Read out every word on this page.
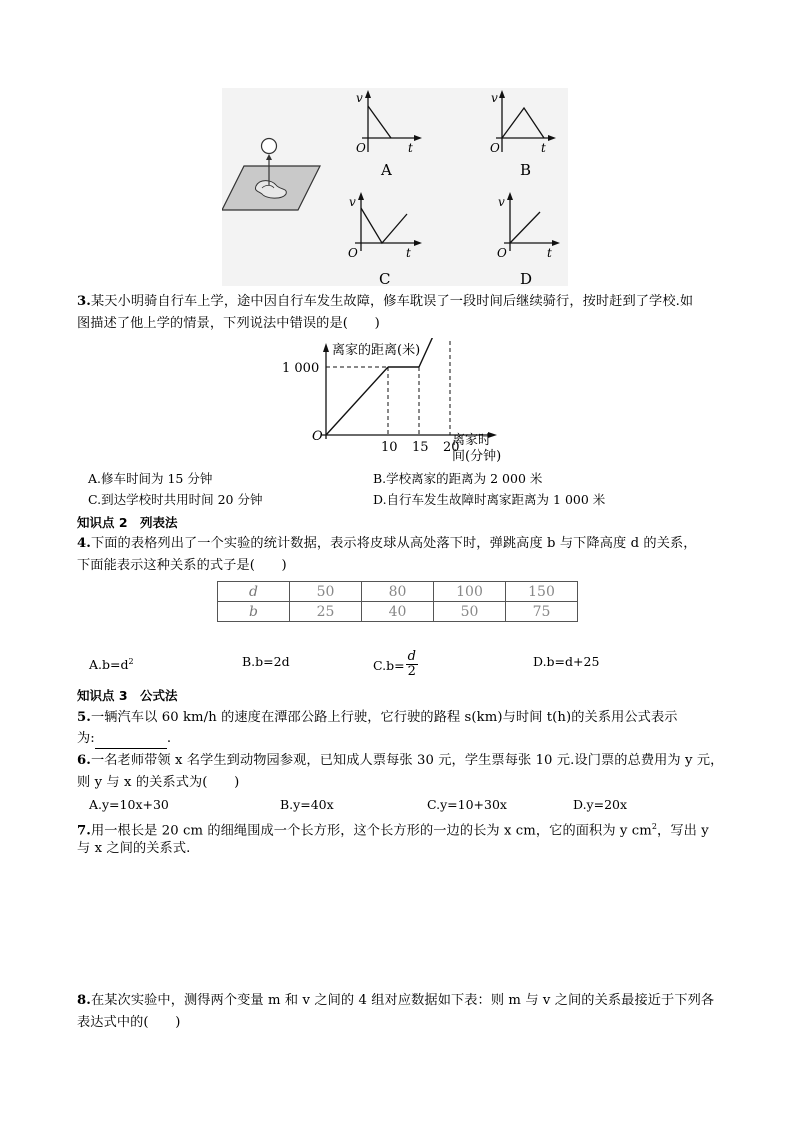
v
O	t
A
v
O	t
B
v
O	t
C
v
O	t
D
3.某天小明骑自行车上学，途中因自行车发生故障，修车耽误了一段时间后继续骑行，按时赶到了学校.如
图描述了他上学的情景，下列说法中错误的是(　　)
离家的距离(米)
离家时
间(分钟)
O
1 000
10 15 20
A.修车时间为 15 分钟	B.学校离家的距离为 2 000 米
C.到达学校时共用时间 20 分钟	D.自行车发生故障时离家距离为 1 000 米
知识点 2　列表法
4.下面的表格列出了一个实验的统计数据，表示将皮球从高处落下时，弹跳高度 b 与下降高度 d 的关系，
下面能表示这种关系的式子是(　　)
d	50	80	100	150
b	25	40	50	75
$A.b=d^2$	B.b=2d	$C.b= \frac{d}{2}$	D.b=d+25
知识点 3　公式法
5.一辆汽车以 60 km/h 的速度在潭邵公路上行驶，它行驶的路程 s(km)与时间 t(h)的关系用公式表示
为:	.
6.一名老师带领 x 名学生到动物园参观，已知成人票每张 30 元，学生票每张 10 元.设门票的总费用为 y 元，
则 y 与 x 的关系式为(　　)
A.y=10x+30	B.y=40x	C.y=10+30x	D.y=20x
7.用一根长是 20 cm 的细绳围成一个长方形，这个长方形的一边的长为 x cm，它的面积为 y $cm^2$，写出 y
与 x 之间的关系式.
8.在某次实验中，测得两个变量 m 和 v 之间的 4 组对应数据如下表：则 m 与 v 之间的关系最接近于下列各
表达式中的(　　)
